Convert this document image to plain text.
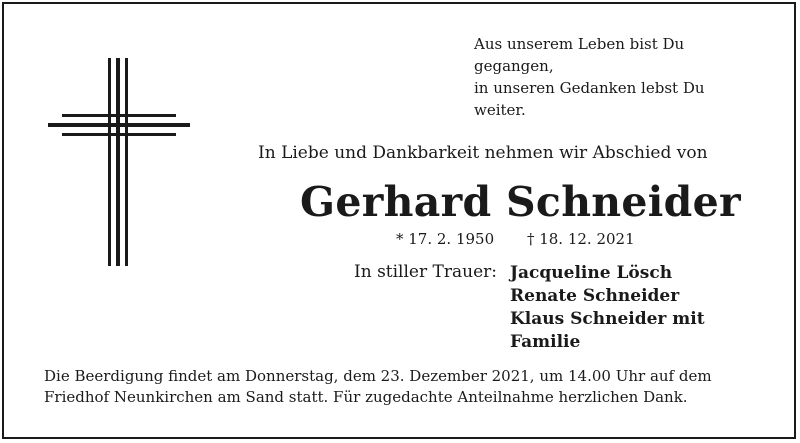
Aus unserem Leben bist Du
gegangen,
in unseren Gedanken lebst Du
weiter.
In Liebe und Dankbarkeit nehmen wir Abschied von
Gerhard Schneider
* 17. 2. 1950 † 18. 12. 2021
In stiller Trauer: Jacqueline Lösch
Renate Schneider
Klaus Schneider mit
Familie
Die Beerdigung findet am Donnerstag, dem 23. Dezember 2021, um 14.00 Uhr auf dem
Friedhof Neunkirchen am Sand statt. Für zugedachte Anteilnahme herzlichen Dank.
